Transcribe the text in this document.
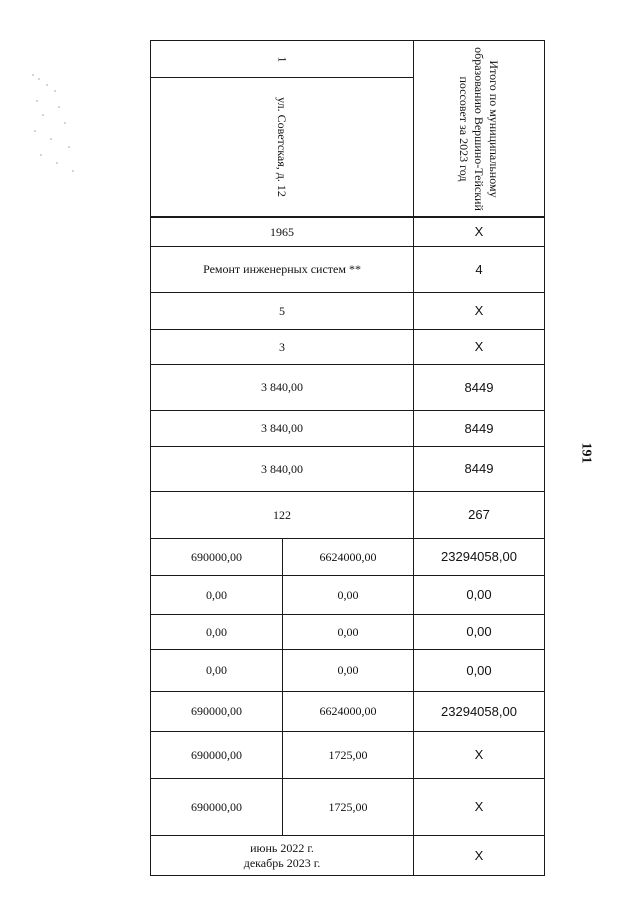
1
ул. Советская, д. 12	Итого по муниципальному образованию Вершино-Тейский поссовет за 2023 год
1965	X
Ремонт инженерных систем **	4
5	X
3	X
3 840,00	8449
3 840,00	8449
3 840,00	8449
122	267
690000,00	6624000,00	23294058,00
0,00	0,00	0,00
0,00	0,00	0,00
0,00	0,00	0,00
690000,00	6624000,00	23294058,00
690000,00	1725,00	X
690000,00	1725,00	X
июнь 2022 г.
декабрь 2023 г.	X
191
